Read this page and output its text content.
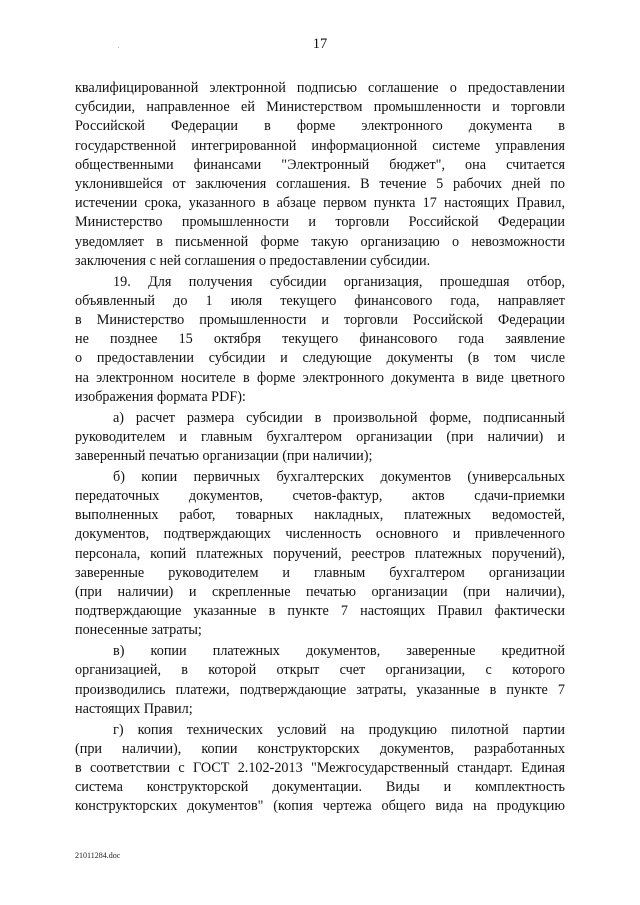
17
квалифицированной электронной подписью соглашение о предоставлении
субсидии, направленное ей Министерством промышленности и торговли
Российской Федерации в форме электронного документа в
государственной интегрированной информационной системе управления
общественными финансами "Электронный бюджет", она считается
уклонившейся от заключения соглашения. В течение 5 рабочих дней по
истечении срока, указанного в абзаце первом пункта 17 настоящих Правил,
Министерство промышленности и торговли Российской Федерации
уведомляет в письменной форме такую организацию о невозможности
заключения с ней соглашения о предоставлении субсидии.
19. Для получения субсидии организация, прошедшая отбор,
объявленный до 1 июля текущего финансового года, направляет
в Министерство промышленности и торговли Российской Федерации
не позднее 15 октября текущего финансового года заявление
о предоставлении субсидии и следующие документы (в том числе
на электронном носителе в форме электронного документа в виде цветного
изображения формата PDF):
а) расчет размера субсидии в произвольной форме, подписанный
руководителем и главным бухгалтером организации (при наличии) и
заверенный печатью организации (при наличии);
б) копии первичных бухгалтерских документов (универсальных
передаточных документов, счетов-фактур, актов сдачи-приемки
выполненных работ, товарных накладных, платежных ведомостей,
документов, подтверждающих численность основного и привлеченного
персонала, копий платежных поручений, реестров платежных поручений),
заверенные руководителем и главным бухгалтером организации
(при наличии) и скрепленные печатью организации (при наличии),
подтверждающие указанные в пункте 7 настоящих Правил фактически
понесенные затраты;
в) копии платежных документов, заверенные кредитной
организацией, в которой открыт счет организации, с которого
производились платежи, подтверждающие затраты, указанные в пункте 7
настоящих Правил;
г) копия технических условий на продукцию пилотной партии
(при наличии), копии конструкторских документов, разработанных
в соответствии с ГОСТ 2.102-2013 "Межгосударственный стандарт. Единая
система конструкторской документации. Виды и комплектность
конструкторских документов" (копия чертежа общего вида на продукцию
21011284.doc
